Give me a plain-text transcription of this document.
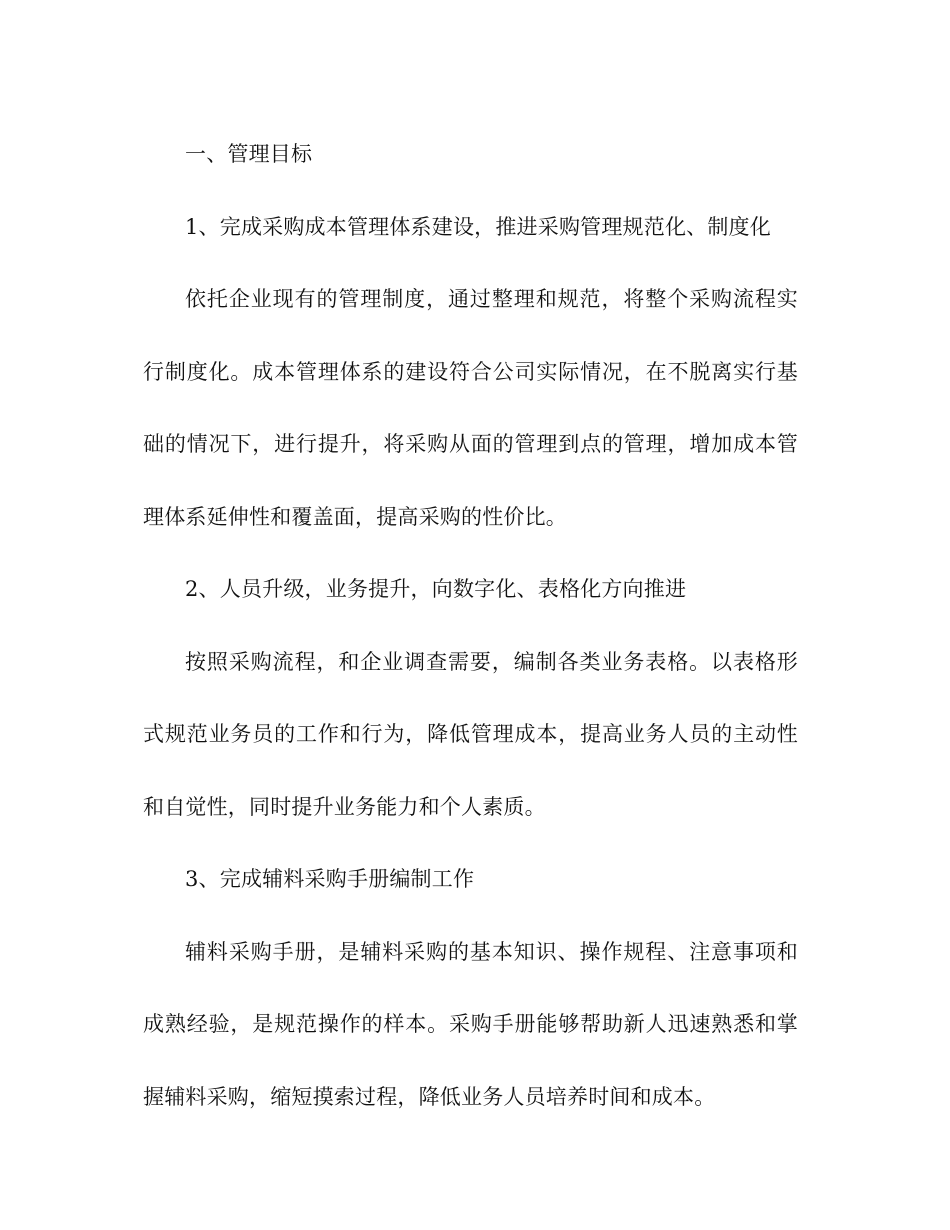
一、管理目标

1、完成采购成本管理体系建设，推进采购管理规范化、制度化

依托企业现有的管理制度，通过整理和规范，将整个采购流程实行制度化。成本管理体系的建设符合公司实际情况，在不脱离实行基础的情况下，进行提升，将采购从面的管理到点的管理，增加成本管理体系延伸性和覆盖面，提高采购的性价比。

2、人员升级，业务提升，向数字化、表格化方向推进

按照采购流程，和企业调查需要，编制各类业务表格。以表格形式规范业务员的工作和行为，降低管理成本，提高业务人员的主动性和自觉性，同时提升业务能力和个人素质。

3、完成辅料采购手册编制工作

辅料采购手册，是辅料采购的基本知识、操作规程、注意事项和成熟经验，是规范操作的样本。采购手册能够帮助新人迅速熟悉和掌握辅料采购，缩短摸索过程，降低业务人员培养时间和成本。
